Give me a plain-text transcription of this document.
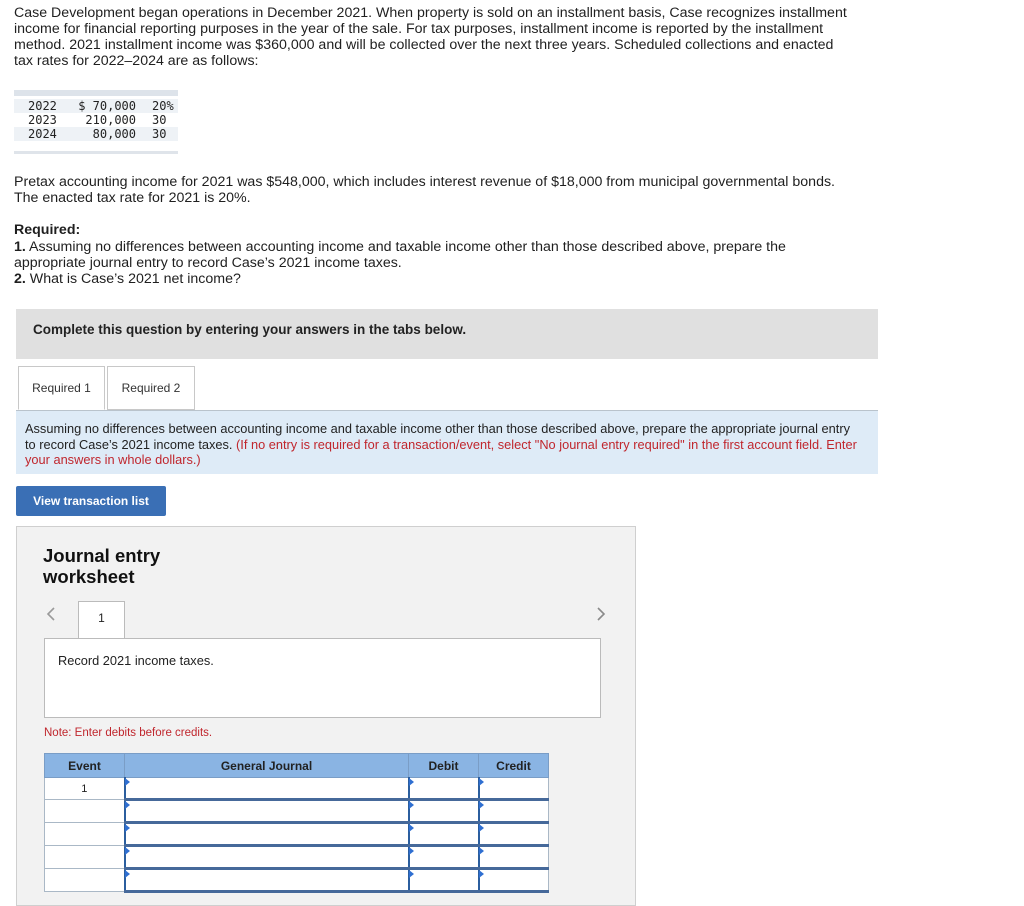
Case Development began operations in December 2021. When property is sold on an installment basis, Case recognizes installment
income for financial reporting purposes in the year of the sale. For tax purposes, installment income is reported by the installment
method. 2021 installment income was $360,000 and will be collected over the next three years. Scheduled collections and enacted
tax rates for 2022–2024 are as follows:
2022 $ 70,000 20%
2023	210,000 30
2024	80,000 30
Pretax accounting income for 2021 was $548,000, which includes interest revenue of $18,000 from municipal governmental bonds.
The enacted tax rate for 2021 is 20%.
Required:
1. Assuming no differences between accounting income and taxable income other than those described above, prepare the
appropriate journal entry to record Case’s 2021 income taxes.
2. What is Case’s 2021 net income?
Complete this question by entering your answers in the tabs below.
Required 1	Required 2
Assuming no differences between accounting income and taxable income other than those described above, prepare the appropriate journal entry to record Case’s 2021 income taxes. (If no entry is required for a transaction/event, select "No journal entry required" in the first account field. Enter your answers in whole dollars.)
View transaction list
Journal entry
worksheet
1
Record 2021 income taxes.
Note: Enter debits before credits.
Event	General Journal	Debit	Credit
1			
